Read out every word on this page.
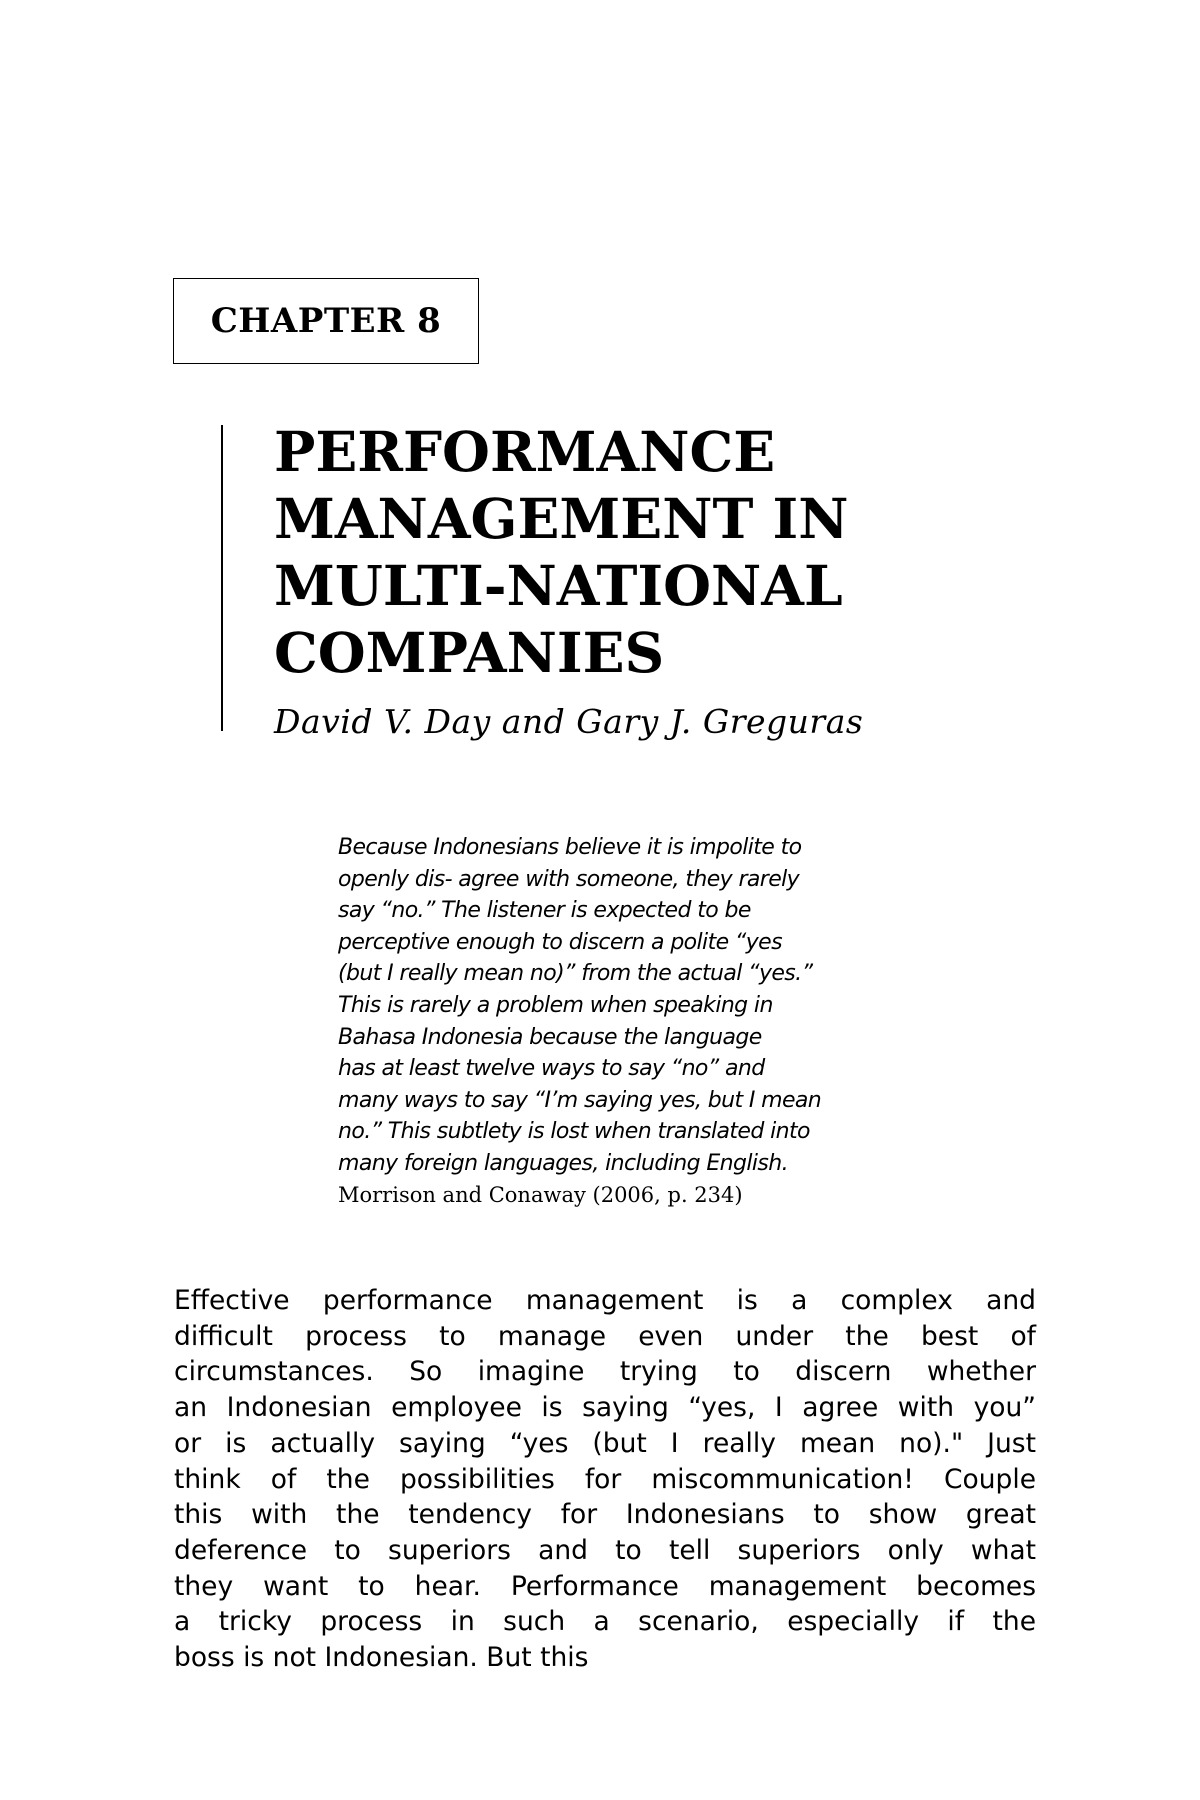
CHAPTER 8
PERFORMANCE
MANAGEMENT IN
MULTI-NATIONAL
COMPANIES
David V. Day and Gary J. Greguras
Because Indonesians believe it is impolite to
openly dis- agree with someone, they rarely
say “no.” The listener is expected to be
perceptive enough to discern a polite “yes
(but I really mean no)” from the actual “yes.”
This is rarely a problem when speaking in
Bahasa Indonesia because the language
has at least twelve ways to say “no” and
many ways to say “I’m saying yes, but I mean
no.” This subtlety is lost when translated into
many foreign languages, including English.
Morrison and Conaway (2006, p. 234)
Effective performance management is a complex and
difficult process to manage even under the best of
circumstances. So imagine trying to discern whether
an Indonesian employee is saying “yes, I agree with you”
or is actually saying “yes (but I really mean no)." Just
think of the possibilities for miscommunication! Couple
this with the tendency for Indonesians to show great
deference to superiors and to tell superiors only what
they want to hear. Performance management becomes
a tricky process in such a scenario, especially if the
boss is not Indonesian. But this
